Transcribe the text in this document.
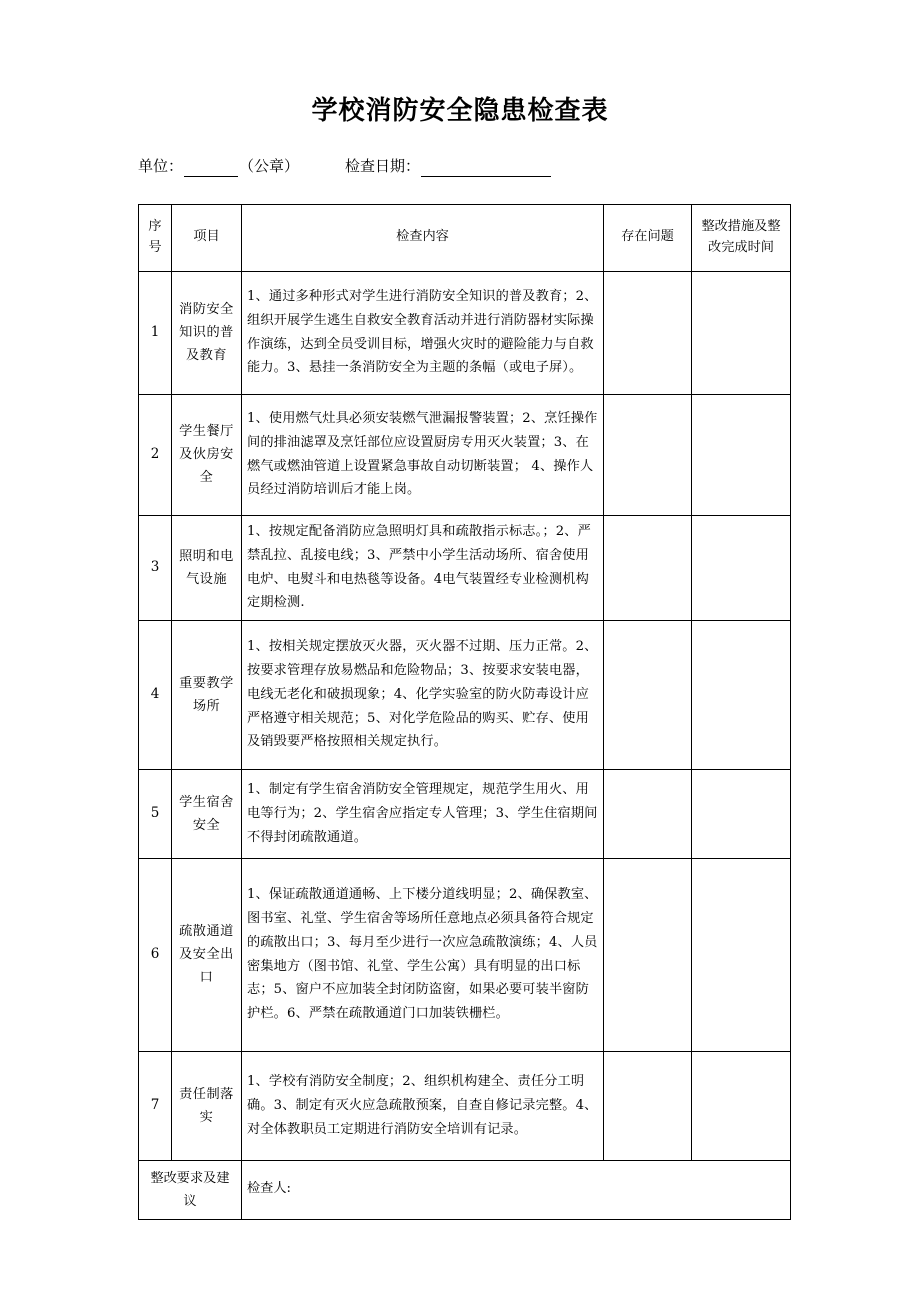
学校消防安全隐患检查表
单位：	（公章）	检查日期：
序号	项目	检查内容	存在问题	整改措施及整改完成时间
1	消防安全知识的普及教育	1、通过多种形式对学生进行消防安全知识的普及教育；2、组织开展学生逃生自救安全教育活动并进行消防器材实际操作演练，达到全员受训目标，增强火灾时的避险能力与自救能力。3、悬挂一条消防安全为主题的条幅（或电子屏）。		
2	学生餐厅及伙房安全	1、使用燃气灶具必须安装燃气泄漏报警装置；2、烹饪操作间的排油滤罩及烹饪部位应设置厨房专用灭火装置；3、在燃气或燃油管道上设置紧急事故自动切断装置； 4、操作人员经过消防培训后才能上岗。		
3	照明和电气设施	1、按规定配备消防应急照明灯具和疏散指示标志。；2、严禁乱拉、乱接电线；3、严禁中小学生活动场所、宿舍使用电炉、电熨斗和电热毯等设备。4电气装置经专业检测机构定期检测.		
4	重要教学场所	1、按相关规定摆放灭火器，灭火器不过期、压力正常。2、按要求管理存放易燃品和危险物品；3、按要求安装电器，电线无老化和破损现象；4、化学实验室的防火防毒设计应严格遵守相关规范；5、对化学危险品的购买、贮存、使用及销毁要严格按照相关规定执行。		
5	学生宿舍安全	1、制定有学生宿舍消防安全管理规定，规范学生用火、用电等行为；2、学生宿舍应指定专人管理；3、学生住宿期间不得封闭疏散通道。		
6	疏散通道及安全出口	1、保证疏散通道通畅、上下楼分道线明显；2、确保教室、图书室、礼堂、学生宿舍等场所任意地点必须具备符合规定的疏散出口；3、每月至少进行一次应急疏散演练；4、人员密集地方（图书馆、礼堂、学生公寓）具有明显的出口标志；5、窗户不应加装全封闭防盗窗，如果必要可装半窗防护栏。6、严禁在疏散通道门口加装铁栅栏。		
7	责任制落实	1、学校有消防安全制度；2、组织机构建全、责任分工明确。3、制定有灭火应急疏散预案，自查自修记录完整。4、对全体教职员工定期进行消防安全培训有记录。		
整改要求及建议		检查人:		
